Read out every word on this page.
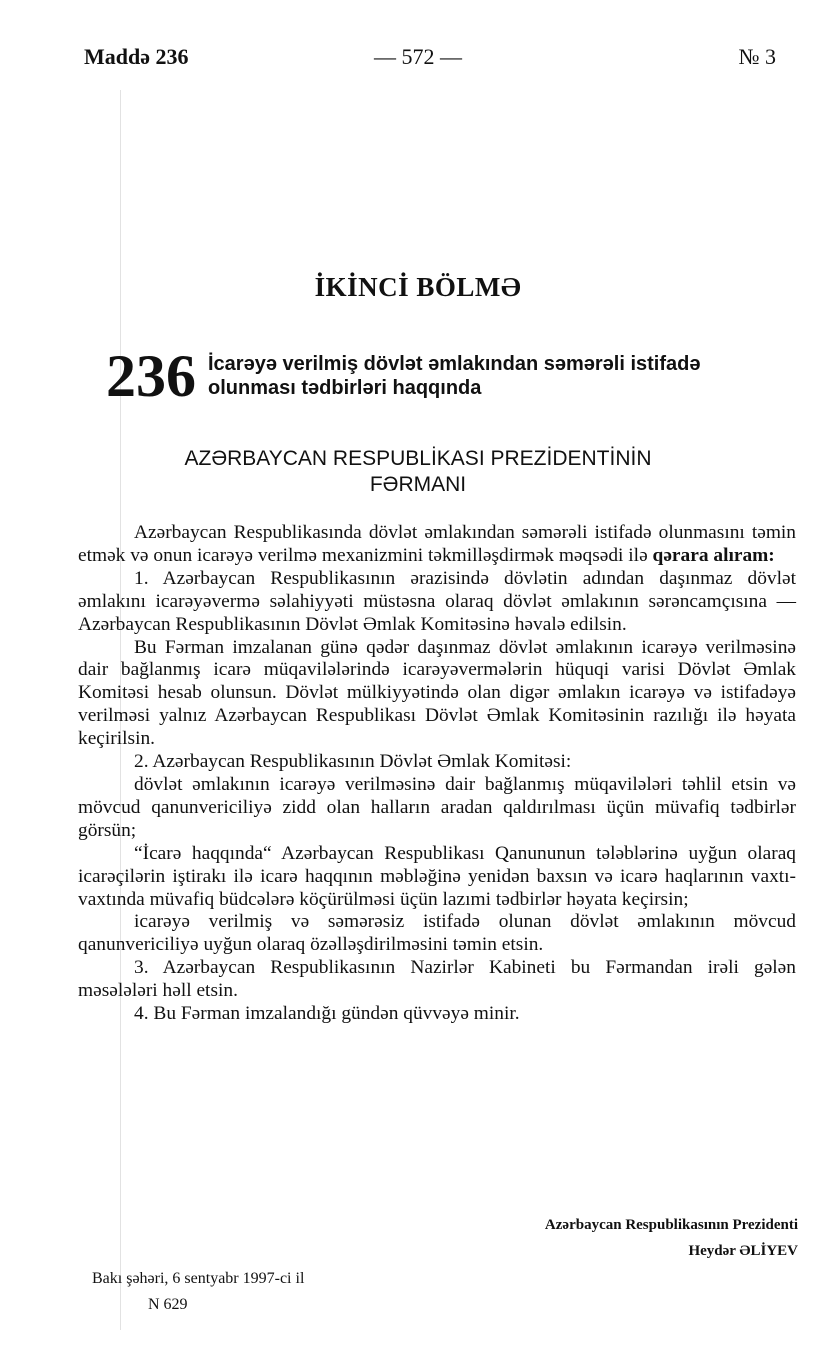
Maddə 236	— 572 —	№ 3
İKİNCİ BÖLMƏ
236 İcarəyə verilmiş dövlət əmlakından səmərəli istifadə
olunması tədbirləri haqqında
AZƏRBAYCAN RESPUBLİKASI PREZİDENTİNİN
FƏRMANI

Azərbaycan Respublikasında dövlət əmlakından səmərəli istifadə olunmasını təmin etmək və onun icarəyə verilmə mexanizmini təkmilləşdirmək məqsədi ilə qərara alıram:

1. Azərbaycan Respublikasının ərazisində dövlətin adından daşınmaz dövlət əmlakını icarəyəvermə səlahiyyəti müstəsna olaraq dövlət əmlakının sərəncamçısına — Azərbaycan Respublikasının Dövlət Əmlak Komitəsinə həvalə edilsin.

Bu Fərman imzalanan günə qədər daşınmaz dövlət əmlakının icarəyə verilməsinə dair bağlanmış icarə müqavilələrində icarəyəvermələrin hüquqi varisi Dövlət Əmlak Komitəsi hesab olunsun. Dövlət mülkiyyətində olan digər əmlakın icarəyə və istifadəyə verilməsi yalnız Azərbaycan Respublikası Dövlət Əmlak Komitəsinin razılığı ilə həyata keçirilsin.

2. Azərbaycan Respublikasının Dövlət Əmlak Komitəsi:

dövlət əmlakının icarəyə verilməsinə dair bağlanmış müqavilələri təhlil etsin və mövcud qanunvericiliyə zidd olan halların aradan qaldırılması üçün müvafiq tədbirlər görsün;

“İcarə haqqında“ Azərbaycan Respublikası Qanununun tələblərinə uyğun olaraq icarəçilərin iştirakı ilə icarə haqqının məbləğinə yenidən baxsın və icarə haqlarının vaxtı-vaxtında müvafiq büdcələrə köçürülməsi üçün lazımi tədbirlər həyata keçirsin;

icarəyə verilmiş və səmərəsiz istifadə olunan dövlət əmlakının mövcud qanunvericiliyə uyğun olaraq özəlləşdirilməsini təmin etsin.

3. Azərbaycan Respublikasının Nazirlər Kabineti bu Fərmandan irəli gələn məsələləri həll etsin.

4. Bu Fərman imzalandığı gündən qüvvəyə minir.

Azərbaycan Respublikasının Prezidenti
Heydər ƏLİYEV
Bakı şəhəri, 6 sentyabr 1997-ci il
N 629
